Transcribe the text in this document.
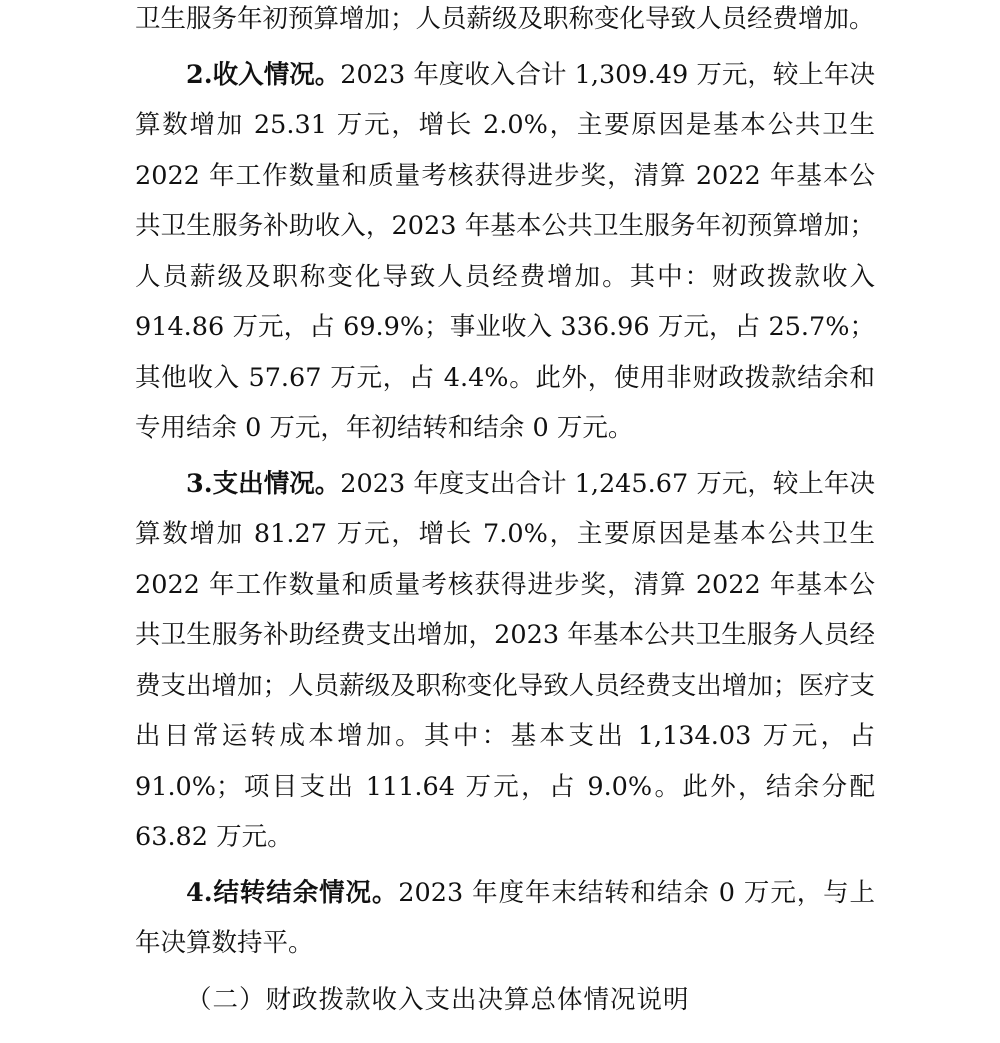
卫生服务年初预算增加；人员薪级及职称变化导致人员经费增加。

2.收入情况。2023 年度收入合计 1,309.49 万元，较上年决算数增加 25.31 万元，增长 2.0%，主要原因是基本公共卫生 2022 年工作数量和质量考核获得进步奖，清算 2022 年基本公共卫生服务补助收入，2023 年基本公共卫生服务年初预算增加；人员薪级及职称变化导致人员经费增加。其中：财政拨款收入 914.86 万元，占 69.9%；事业收入 336.96 万元，占 25.7%；其他收入 57.67 万元，占 4.4%。此外，使用非财政拨款结余和专用结余 0 万元，年初结转和结余 0 万元。

3.支出情况。2023 年度支出合计 1,245.67 万元，较上年决算数增加 81.27 万元，增长 7.0%，主要原因是基本公共卫生 2022 年工作数量和质量考核获得进步奖，清算 2022 年基本公共卫生服务补助经费支出增加，2023 年基本公共卫生服务人员经费支出增加；人员薪级及职称变化导致人员经费支出增加；医疗支出日常运转成本增加。其中：基本支出 1,134.03 万元，占 91.0%；项目支出 111.64 万元，占 9.0%。此外，结余分配 63.82 万元。

4.结转结余情况。2023 年度年末结转和结余 0 万元，与上年决算数持平。

（二）财政拨款收入支出决算总体情况说明
